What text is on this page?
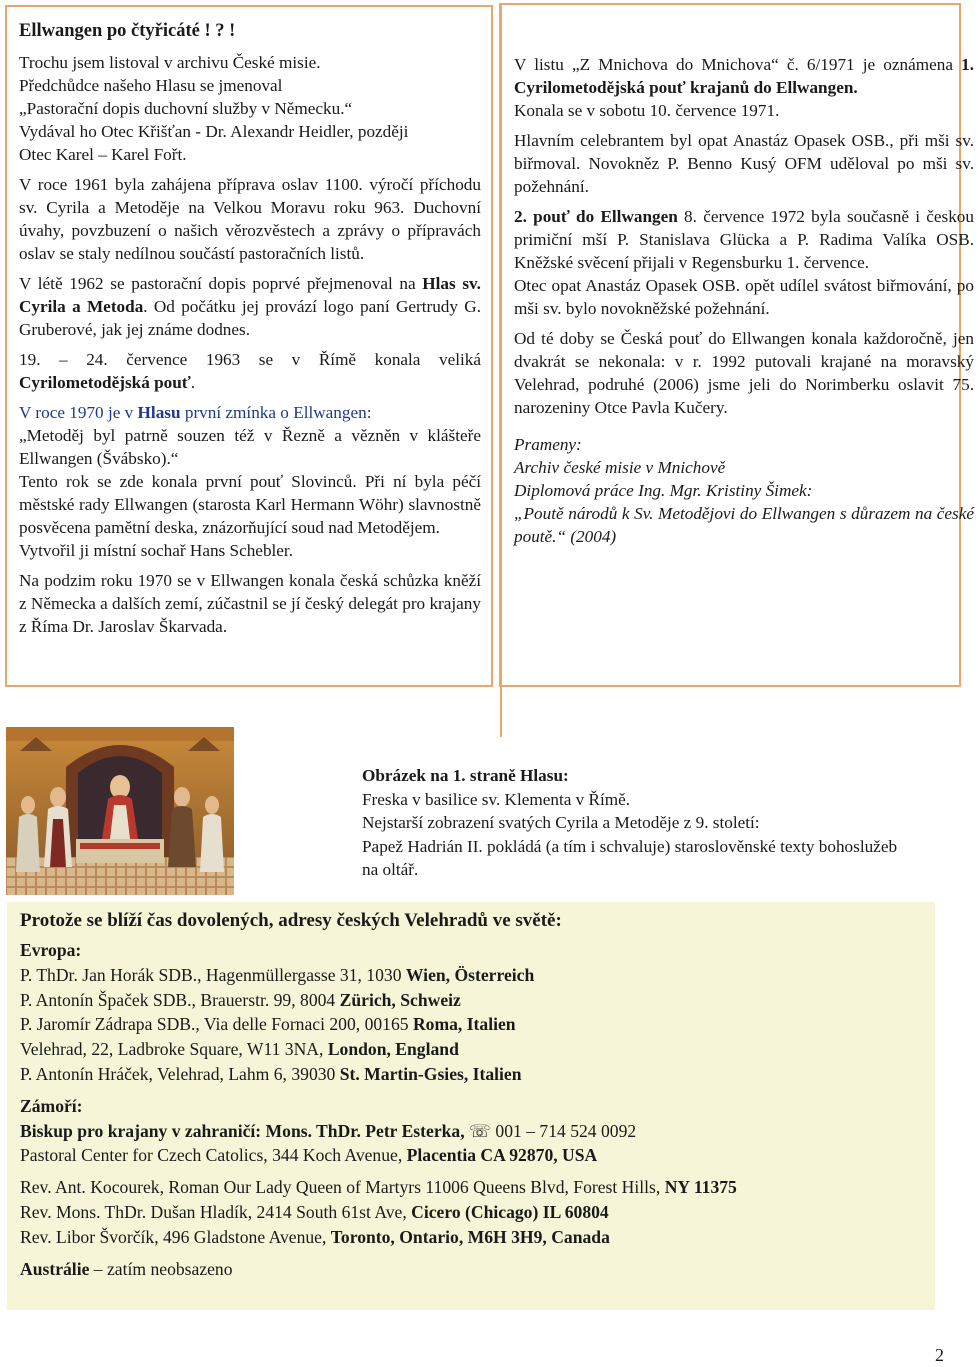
Ellwangen po čtyřicáté ! ? !

Trochu jsem listoval v archivu České misie.

Předchůdce našeho Hlasu se jmenoval

„Pastorační dopis duchovní služby v Německu.“

Vydával ho Otec Křišťan - Dr. Alexandr Heidler, později

Otec Karel – Karel Fořt.

V roce 1961 byla zahájena příprava oslav 1100. výročí příchodu sv. Cyrila a Metoděje na Velkou Moravu roku 963. Duchovní úvahy, povzbuzení o našich věrozvěstech a zprávy o přípravách oslav se staly nedílnou součástí pastoračních listů.

V létě 1962 se pastorační dopis poprvé přejmenoval na Hlas sv. Cyrila a Metoda. Od počátku jej provází logo paní Gertrudy G. Gruberové, jak jej známe dodnes.

19. – 24. července 1963 se v Římě konala veliká Cyrilometodějská pouť.

V roce 1970 je v Hlasu první zmínka o Ellwangen:

„Metoděj byl patrně souzen též v Řezně a vězněn v klášteře Ellwangen (Švábsko).“

Tento rok se zde konala první pouť Slovinců. Při ní byla péčí městské rady Ellwangen (starosta Karl Hermann Wöhr) slavnostně posvěcena pamětní deska, znázorňující soud nad Metodějem.

Vytvořil ji místní sochař Hans Schebler.

Na podzim roku 1970 se v Ellwangen konala česká schůzka kněží z Německa a dalších zemí, zúčastnil se jí český delegát pro krajany z Říma Dr. Jaroslav Škarvada.

V listu „Z Mnichova do Mnichova“ č. 6/1971 je oznámena 1. Cyrilometodějská pouť krajanů do Ellwangen.

Konala se v sobotu 10. července 1971.

Hlavním celebrantem byl opat Anastáz Opasek OSB., při mši sv. biřmoval. Novokněz P. Benno Kusý OFM uděloval po mši sv. požehnání.

2. pouť do Ellwangen 8. července 1972 byla současně i českou primiční mší P. Stanislava Glücka a P. Radima Valíka OSB. Kněžské svěcení přijali v Regensburku 1. července.

Otec opat Anastáz Opasek OSB. opět udílel svátost biřmování, po mši sv. bylo novokněžské požehnání.

Od té doby se Česká pouť do Ellwangen konala každoročně, jen dvakrát se nekonala: v r. 1992 putovali krajané na moravský Velehrad, podruhé (2006) jsme jeli do Norimberku oslavit 75. narozeniny Otce Pavla Kučery.

Prameny:

Archiv české misie v Mnichově

Diplomová práce Ing. Mgr. Kristiny Šimek:

„Poutě národů k Sv. Metodějovi do Ellwangen s důrazem na české poutě.“ (2004)

Obrázek na 1. straně Hlasu:

Freska v basilice sv. Klementa v Římě.

Nejstarší zobrazení svatých Cyrila a Metoděje z 9. století:

Papež Hadrián II. pokládá (a tím i schvaluje) staroslověnské texty bohoslužeb na oltář.

Protože se blíží čas dovolených, adresy českých Velehradů ve světě:

Evropa:

P. ThDr. Jan Horák SDB., Hagenmüllergasse 31, 1030 Wien, Österreich

P. Antonín Špaček SDB., Brauerstr. 99, 8004 Zürich, Schweiz

P. Jaromír Zádrapa SDB., Via delle Fornaci 200, 00165 Roma, Italien

Velehrad, 22, Ladbroke Square, W11 3NA, London, England

P. Antonín Hráček, Velehrad, Lahm 6, 39030 St. Martin-Gsies, Italien

Zámoří:

Biskup pro krajany v zahraničí: Mons. ThDr. Petr Esterka, ☏ 001 – 714 524 0092

Pastoral Center for Czech Catolics, 344 Koch Avenue, Placentia CA 92870, USA

Rev. Ant. Kocourek, Roman Our Lady Queen of Martyrs 11006 Queens Blvd, Forest Hills, NY 11375

Rev. Mons. ThDr. Dušan Hladík, 2414 South 61st Ave, Cicero (Chicago) IL 60804

Rev. Libor Švorčík, 496 Gladstone Avenue, Toronto, Ontario, M6H 3H9, Canada

Austrálie – zatím neobsazeno

2
